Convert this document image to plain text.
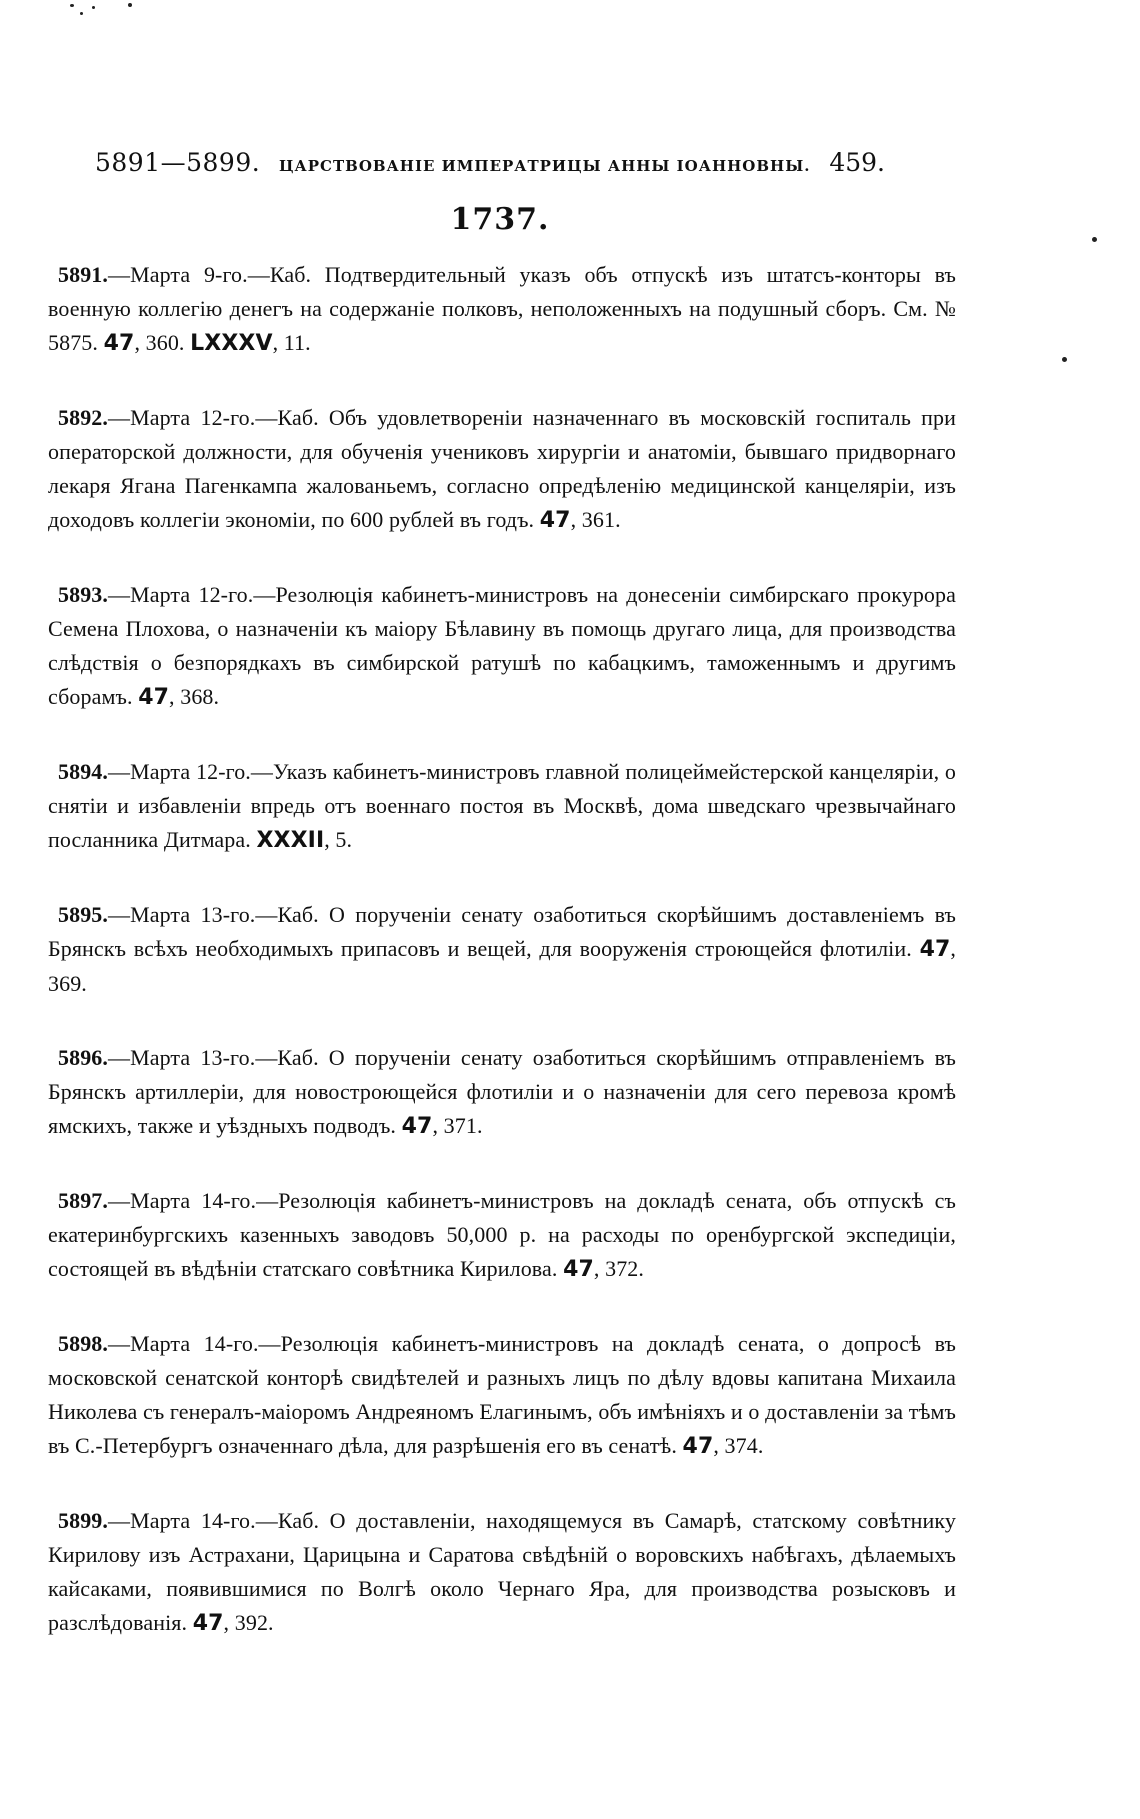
5891—5899. ЦАРСТВОВАНІЕ ИМПЕРАТРИЦЫ АННЫ ІОАННОВНЫ. 459.
1737.

5891.—Марта 9-го.—Каб. Подтвердительный указъ объ отпускѣ изъ штатсъ-конторы въ военную коллегію денегъ на содержаніе полковъ, неположенныхъ на подушный сборъ. См. № 5875. 47, 360. LXXXV, 11.

5892.—Марта 12-го.—Каб. Объ удовлетвореніи назначеннаго въ московскій госпиталь при операторской должности, для обученія учениковъ хирургіи и анатоміи, бывшаго придворнаго лекаря Ягана Пагенкампа жалованьемъ, согласно опредѣленію медицинской канцеляріи, изъ доходовъ коллегіи экономіи, по 600 рублей въ годъ. 47, 361.

5893.—Марта 12-го.—Резолюція кабинетъ-министровъ на донесеніи симбирскаго прокурора Семена Плохова, о назначеніи къ маіору Бѣлавину въ помощь другаго лица, для производства слѣдствія о безпорядкахъ въ симбирской ратушѣ по кабацкимъ, таможеннымъ и другимъ сборамъ. 47, 368.

5894.—Марта 12-го.—Указъ кабинетъ-министровъ главной полицеймейстерской канцеляріи, о снятіи и избавленіи впредь отъ военнаго постоя въ Москвѣ, дома шведскаго чрезвычайнаго посланника Дитмара. XXXII, 5.

5895.—Марта 13-го.—Каб. О порученіи сенату озаботиться скорѣйшимъ доставленіемъ въ Брянскъ всѣхъ необходимыхъ припасовъ и вещей, для вооруженія строющейся флотиліи. 47, 369.

5896.—Марта 13-го.—Каб. О порученіи сенату озаботиться скорѣйшимъ отправленіемъ въ Брянскъ артиллеріи, для новостроющейся флотиліи и о назначеніи для сего перевоза кромѣ ямскихъ, также и уѣздныхъ подводъ. 47, 371.

5897.—Марта 14-го.—Резолюція кабинетъ-министровъ на докладѣ сената, объ отпускѣ съ екатеринбургскихъ казенныхъ заводовъ 50,000 р. на расходы по оренбургской экспедиціи, состоящей въ вѣдѣніи статскаго совѣтника Кирилова. 47, 372.

5898.—Марта 14-го.—Резолюція кабинетъ-министровъ на докладѣ сената, о допросѣ въ московской сенатской конторѣ свидѣтелей и разныхъ лицъ по дѣлу вдовы капитана Михаила Николева съ генералъ-маіоромъ Андреяномъ Елагинымъ, объ имѣніяхъ и о доставленіи за тѣмъ въ С.-Петербургъ означеннаго дѣла, для разрѣшенія его въ сенатѣ. 47, 374.

5899.—Марта 14-го.—Каб. О доставленіи, находящемуся въ Самарѣ, статскому совѣтнику Кирилову изъ Астрахани, Царицына и Саратова свѣдѣній о воровскихъ набѣгахъ, дѣлаемыхъ кайсаками, появившимися по Волгѣ около Чернаго Яра, для производства розысковъ и разслѣдованія. 47, 392.
